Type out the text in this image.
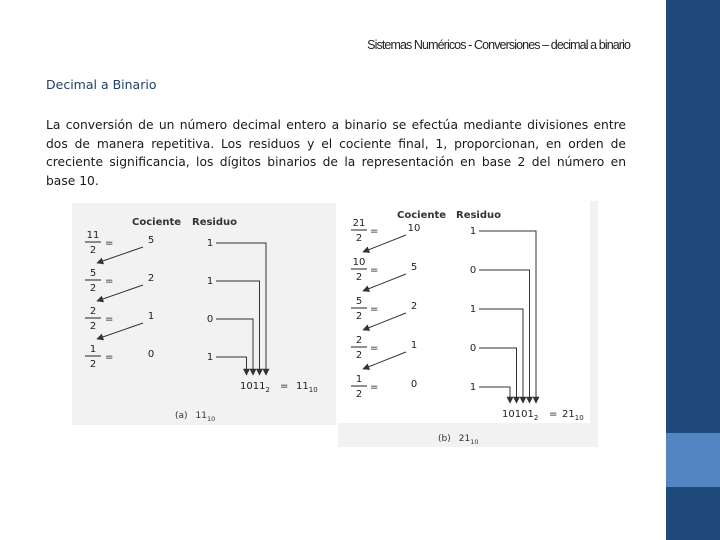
Sistemas Numéricos - Conversiones – decimal a binario
Decimal a Binario
La conversión de un número decimal entero a binario se efectúa mediante divisiones entre dos de manera repetitiva. Los residuos y el cociente final, 1, proporcionan, en orden de creciente significancia, los dígitos binarios de la representación en base 2 del número en base 10.
Cociente Residuo
11
2
=	5	1
5
2
=	2	1
2
2
=	1	0
1
2
=	0	1
$1011_2 = 11_{10}$
(a) $11_{10}$
Cociente Residuo
21
2
=	10	1
10
2
=	5	0
5
2
=	2	1
2
2
=	1	0
1
2
=	0	1
$10101_2 = 21_{10}$
(b) $21_{10}$
